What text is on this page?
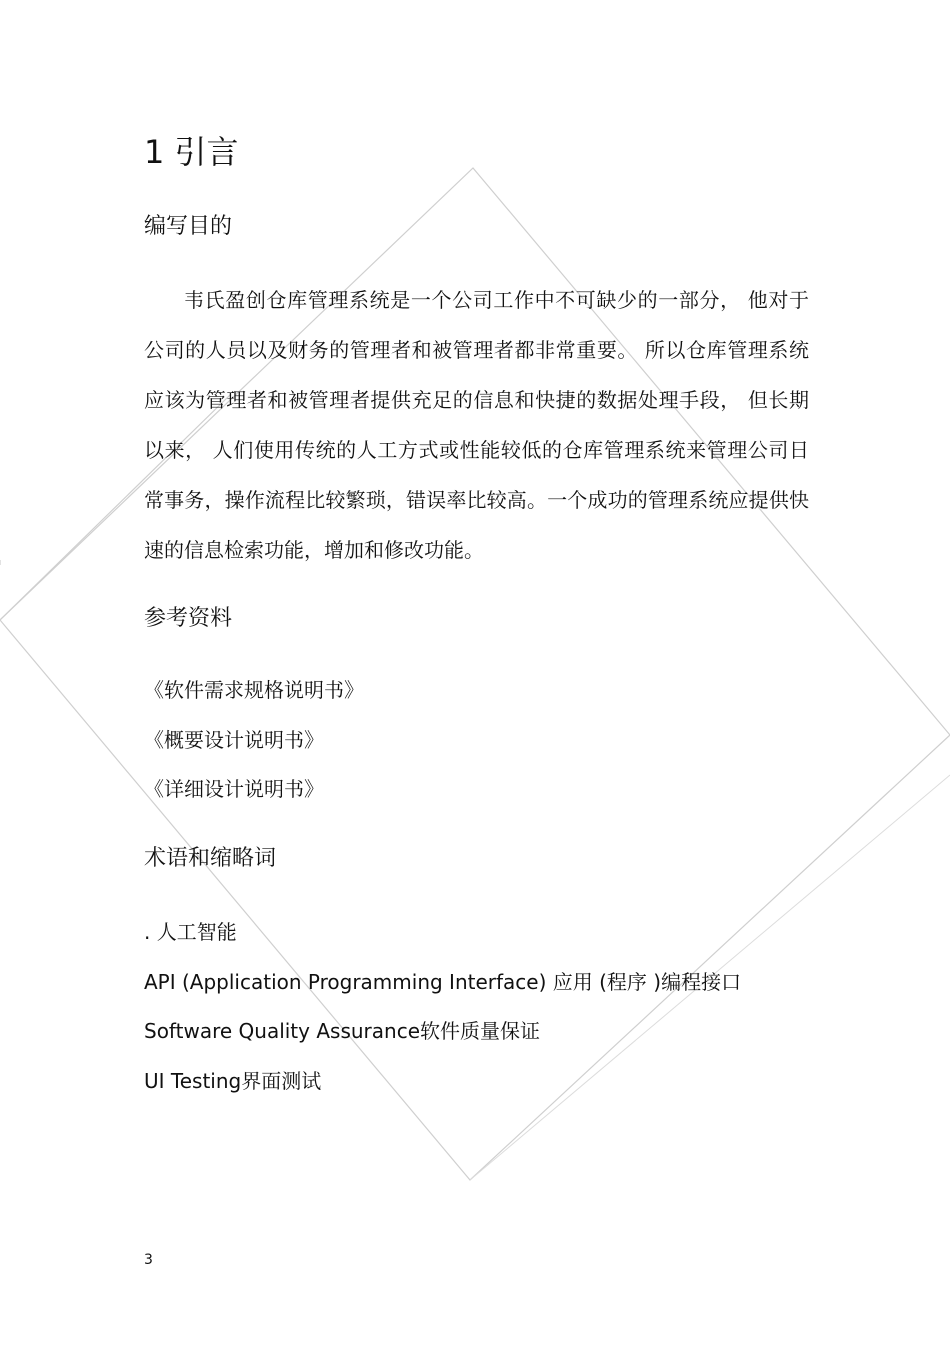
1 引言
编写目的

韦氏盈创仓库管理系统是一个公司工作中不可缺少的一部分， 他对于公司的人员以及财务的管理者和被管理者都非常重要。 所以仓库管理系统应该为管理者和被管理者提供充足的信息和快捷的数据处理手段， 但长期以来， 人们使用传统的人工方式或性能较低的仓库管理系统来管理公司日常事务，操作流程比较繁琐，错误率比较高。一个成功的管理系统应提供快速的信息检索功能，增加和修改功能。

参考资料
《软件需求规格说明书》
《概要设计说明书》
《详细设计说明书》
术语和缩略词
. 人工智能
API (Application Programming Interface) 应用 (程序 )编程接口
Software Quality Assurance软件质量保证
UI Testing界面测试
3
